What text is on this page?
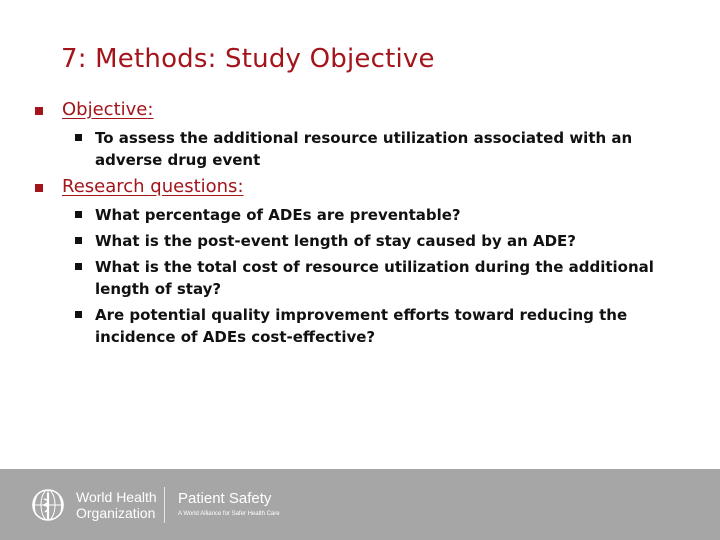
7: Methods: Study Objective
Objective:
To assess the additional resource utilization associated with an adverse drug event
Research questions:
What percentage of ADEs are preventable?
What is the post-event length of stay caused by an ADE?
What is the total cost of resource utilization during the additional length of stay?
Are potential quality improvement efforts toward reducing the incidence of ADEs cost-effective?
World Health
Organization
Patient Safety
A World Alliance for Safer Health Care
